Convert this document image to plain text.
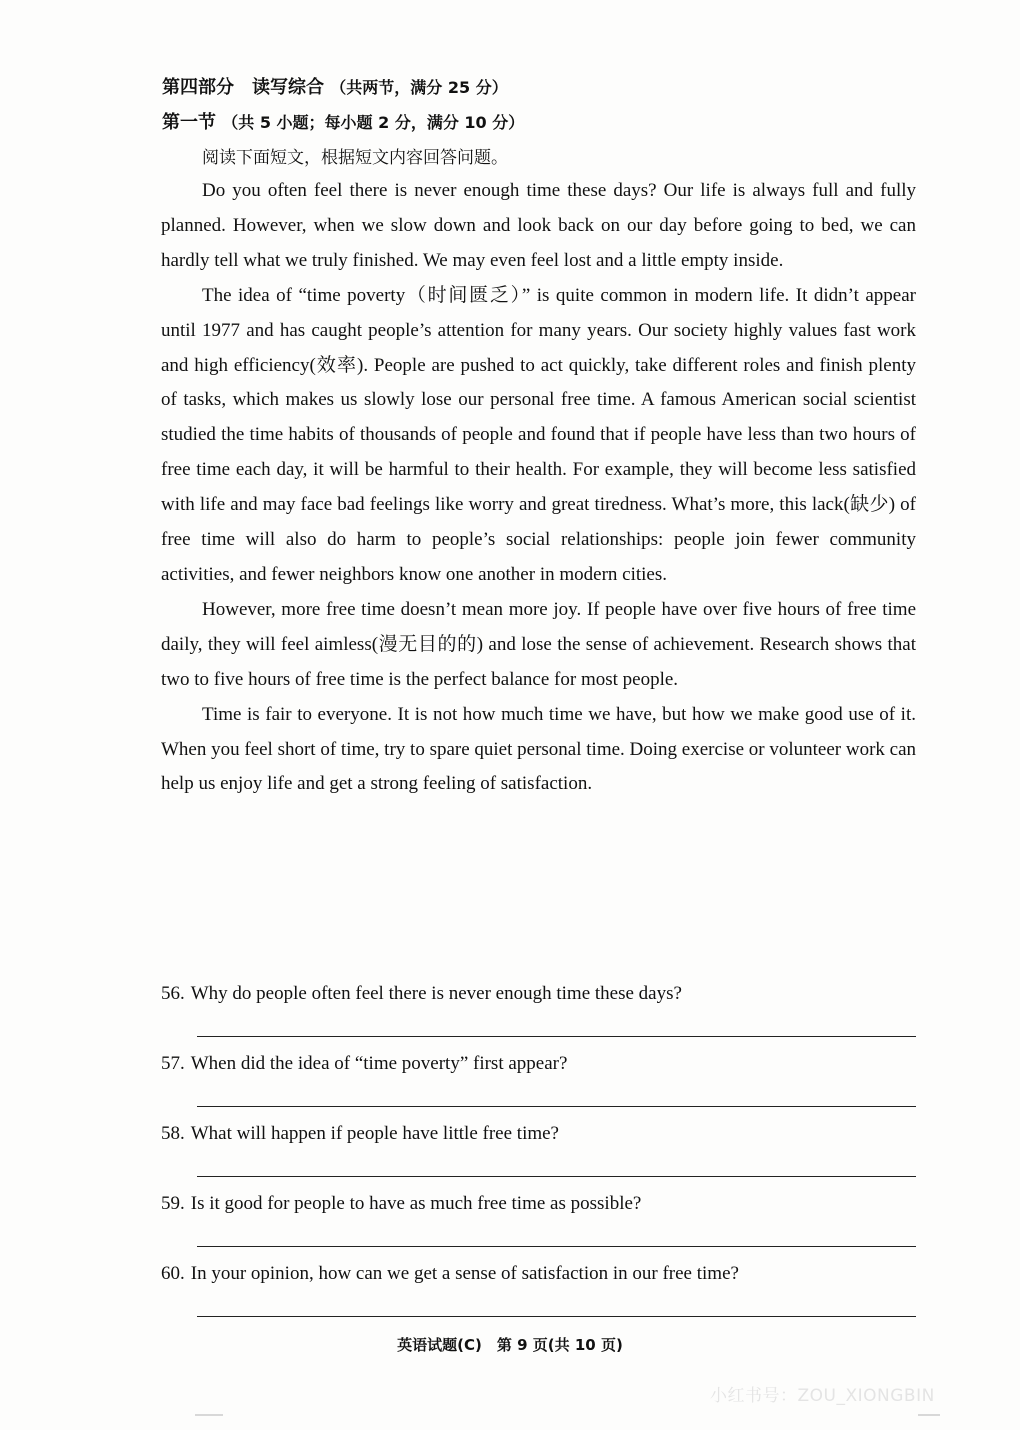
第四部分　读写综合 （共两节，满分 25 分）
第一节 （共 5 小题；每小题 2 分，满分 10 分）
阅读下面短文，根据短文内容回答问题。

Do you often feel there is never enough time these days? Our life is always full and fully planned. However, when we slow down and look back on our day before going to bed, we can hardly tell what we truly finished. We may even feel lost and a little empty inside.

The idea of “time poverty（时间匮乏）” is quite common in modern life. It didn’t appear until 1977 and has caught people’s attention for many years. Our society highly values fast work and high efficiency(效率). People are pushed to act quickly, take different roles and finish plenty of tasks, which makes us slowly lose our personal free time. A famous American social scientist studied the time habits of thousands of people and found that if people have less than two hours of free time each day, it will be harmful to their health. For example, they will become less satisfied with life and may face bad feelings like worry and great tiredness. What’s more, this lack(缺少) of free time will also do harm to people’s social relationships: people join fewer community activities, and fewer neighbors know one another in modern cities.

However, more free time doesn’t mean more joy. If people have over five hours of free time daily, they will feel aimless(漫无目的的) and lose the sense of achievement. Research shows that two to five hours of free time is the perfect balance for most people.

Time is fair to everyone. It is not how much time we have, but how we make good use of it. When you feel short of time, try to spare quiet personal time. Doing exercise or volunteer work can help us enjoy life and get a strong feeling of satisfaction.

56. Why do people often feel there is never enough time these days?
57. When did the idea of “time poverty” first appear?
58. What will happen if people have little free time?
59. Is it good for people to have as much free time as possible?
60. In your opinion, how can we get a sense of satisfaction in our free time?
英语试题(C)　第 9 页(共 10 页)
小红书号：ZOU_XIONGBIN
